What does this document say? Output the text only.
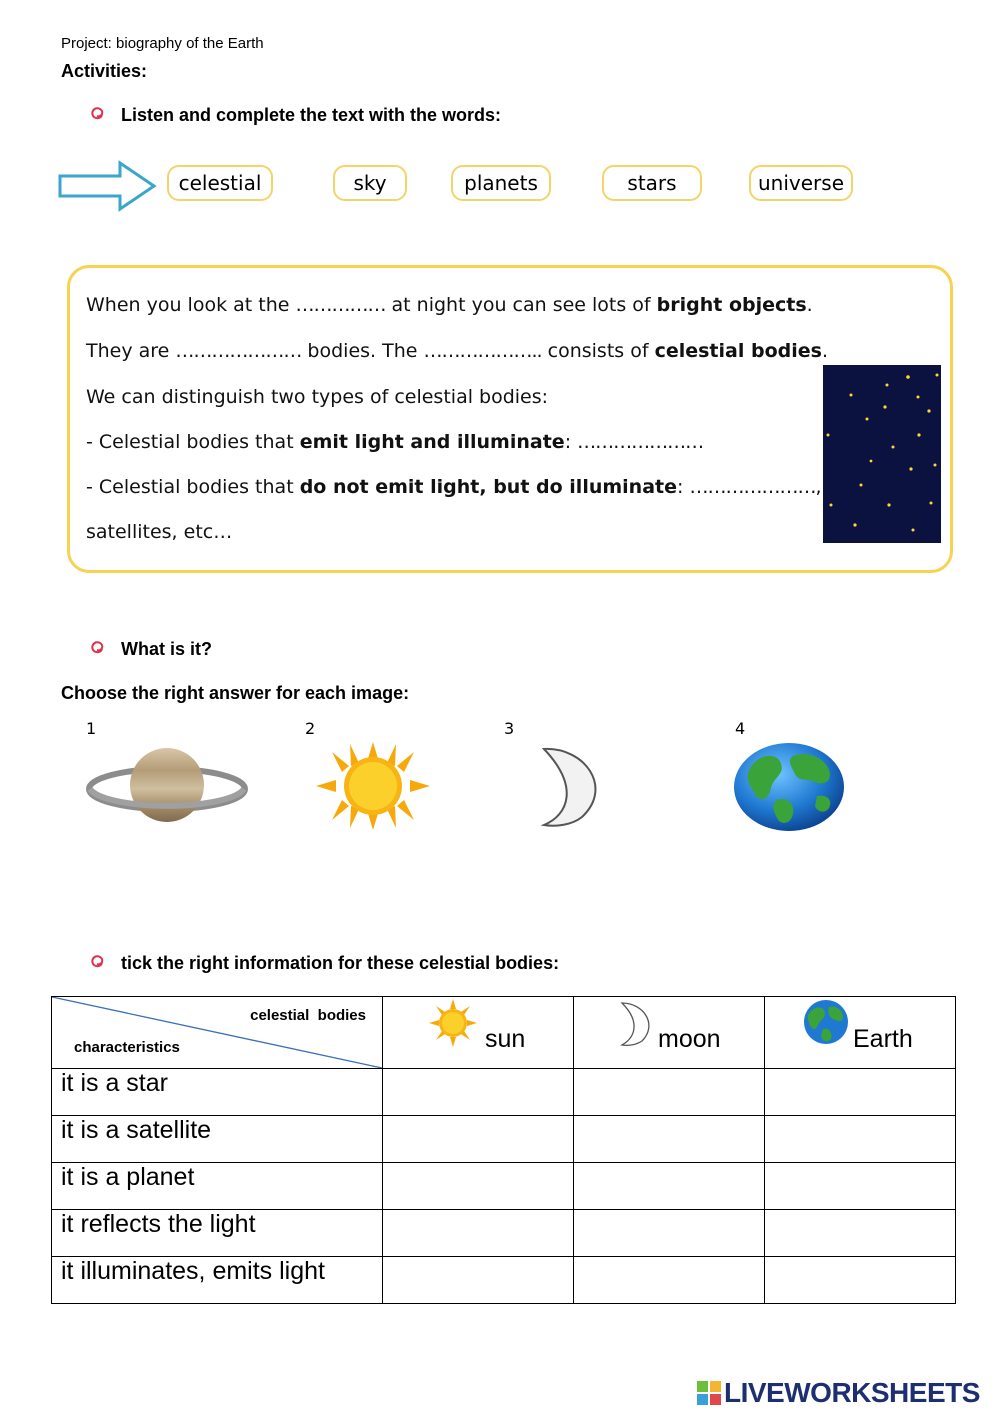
Project: biography of the Earth
Activities:
Listen and complete the text with the words:
celestial	sky	planets	stars	universe
When you look at the …………… at night you can see lots of bright objects.
They are ………………… bodies. The ……………….. consists of celestial bodies.
We can distinguish two types of celestial bodies:
- Celestial bodies that emit light and illuminate: …………………
- Celestial bodies that do not emit light, but do illuminate: …………………,
satellites, etc…
What is it?
Choose the right answer for each image:
1	2	3	4
tick the right information for these celestial bodies:
celestial  bodies
characteristics	sun	moon	Earth

it is a star			
it is a satellite			
it is a planet			
it reflects the light			
it illuminates, emits light			
LIVEWORKSHEETS
